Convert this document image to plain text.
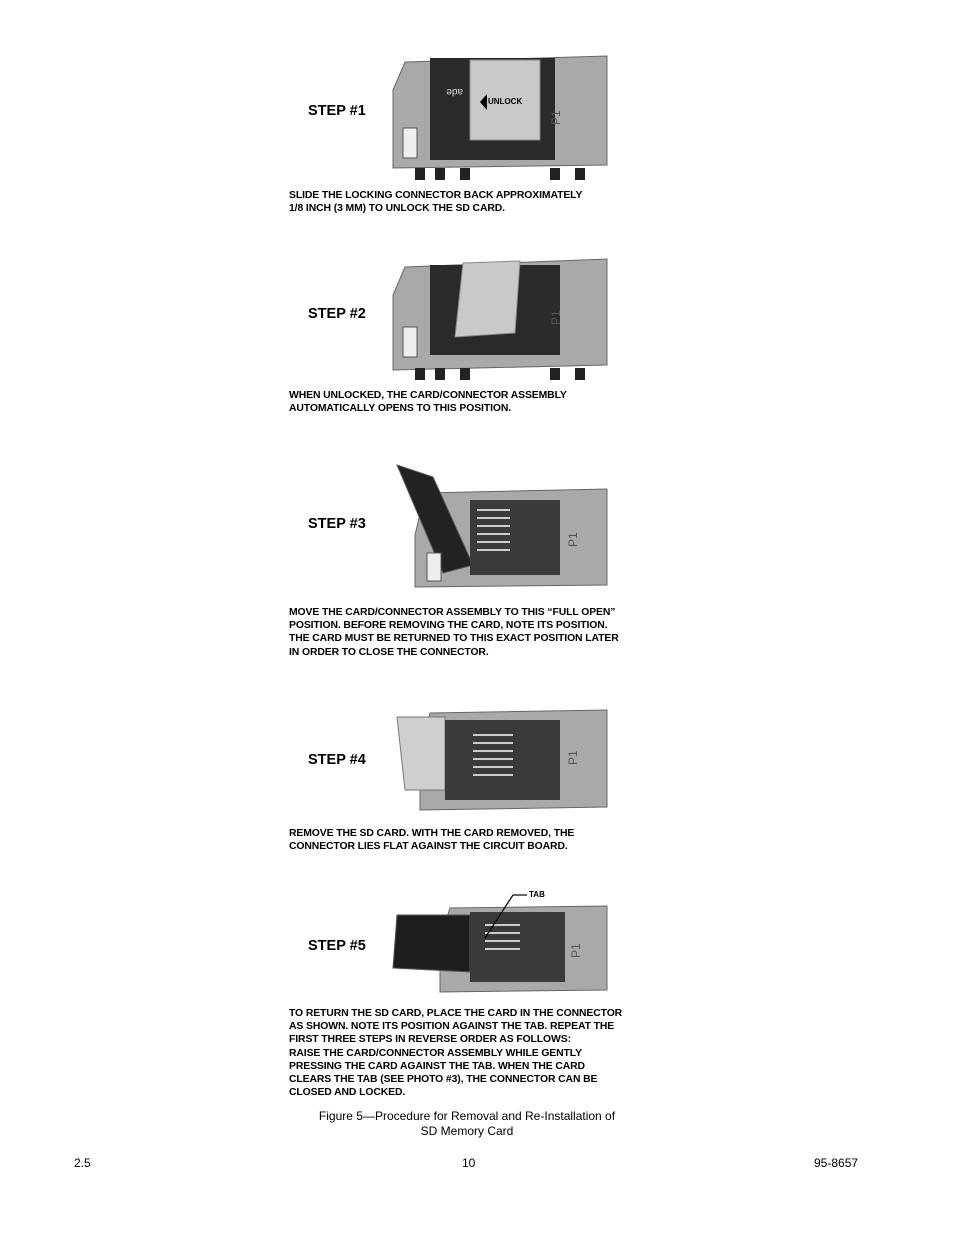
STEP #1
ade
P1
UNLOCK
SLIDE THE LOCKING CONNECTOR BACK APPROXIMATELY
1/8 INCH (3 MM) TO UNLOCK THE SD CARD.
STEP #2	P1
WHEN UNLOCKED, THE CARD/CONNECTOR ASSEMBLY
AUTOMATICALLY OPENS TO THIS POSITION.
STEP #3
P1
MOVE THE CARD/CONNECTOR ASSEMBLY TO THIS “FULL OPEN”
POSITION. BEFORE REMOVING THE CARD, NOTE ITS POSITION.
THE CARD MUST BE RETURNED TO THIS EXACT POSITION LATER
IN ORDER TO CLOSE THE CONNECTOR.
STEP #4	P1
REMOVE THE SD CARD. WITH THE CARD REMOVED, THE
CONNECTOR LIES FLAT AGAINST THE CIRCUIT BOARD.
STEP #5	P1
TAB
TO RETURN THE SD CARD, PLACE THE CARD IN THE CONNECTOR
AS SHOWN. NOTE ITS POSITION AGAINST THE TAB. REPEAT THE
FIRST THREE STEPS IN REVERSE ORDER AS FOLLOWS:
RAISE THE CARD/CONNECTOR ASSEMBLY WHILE GENTLY
PRESSING THE CARD AGAINST THE TAB. WHEN THE CARD
CLEARS THE TAB (SEE PHOTO #3), THE CONNECTOR CAN BE
CLOSED AND LOCKED.
Figure 5—Procedure for Removal and Re-Installation of
SD Memory Card
2.5	10	95-8657
